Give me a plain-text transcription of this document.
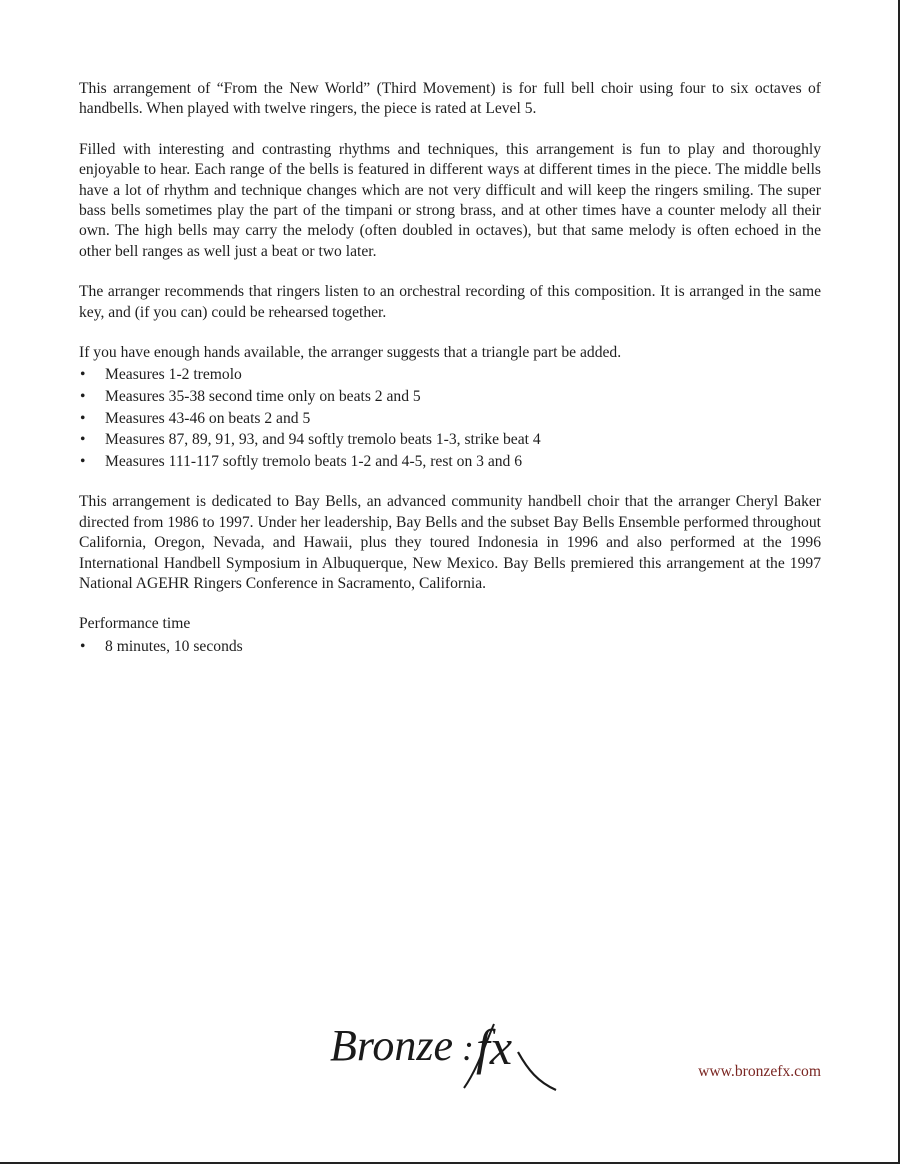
This arrangement of “From the New World” (Third Movement) is for full bell choir using four to six octaves of handbells. When played with twelve ringers, the piece is rated at Level 5.

Filled with interesting and contrasting rhythms and techniques, this arrangement is fun to play and thoroughly enjoyable to hear. Each range of the bells is featured in different ways at different times in the piece. The middle bells have a lot of rhythm and technique changes which are not very difficult and will keep the ringers smiling. The super bass bells sometimes play the part of the timpani or strong brass, and at other times have a counter melody all their own. The high bells may carry the melody (often doubled in octaves), but that same melody is often echoed in the other bell ranges as well just a beat or two later.

The arranger recommends that ringers listen to an orchestral recording of this composition. It is arranged in the same key, and (if you can) could be rehearsed together.

If you have enough hands available, the arranger suggests that a triangle part be added.

• Measures 1-2 tremolo
• Measures 35-38 second time only on beats 2 and 5
• Measures 43-46 on beats 2 and 5
• Measures 87, 89, 91, 93, and 94 softly tremolo beats 1-3, strike beat 4
• Measures 111-117 softly tremolo beats 1-2 and 4-5, rest on 3 and 6

This arrangement is dedicated to Bay Bells, an advanced community handbell choir that the arranger Cheryl Baker directed from 1986 to 1997. Under her leadership, Bay Bells and the subset Bay Bells Ensemble performed throughout California, Oregon, Nevada, and Hawaii, plus they toured Indonesia in 1996 and also performed at the 1996 International Handbell Symposium in Albuquerque, New Mexico. Bay Bells premiered this arrangement at the 1997 National AGEHR Ringers Conference in Sacramento, California.

Performance time

• 8 minutes, 10 seconds
Bronze : fx	www.bronzefx.com
